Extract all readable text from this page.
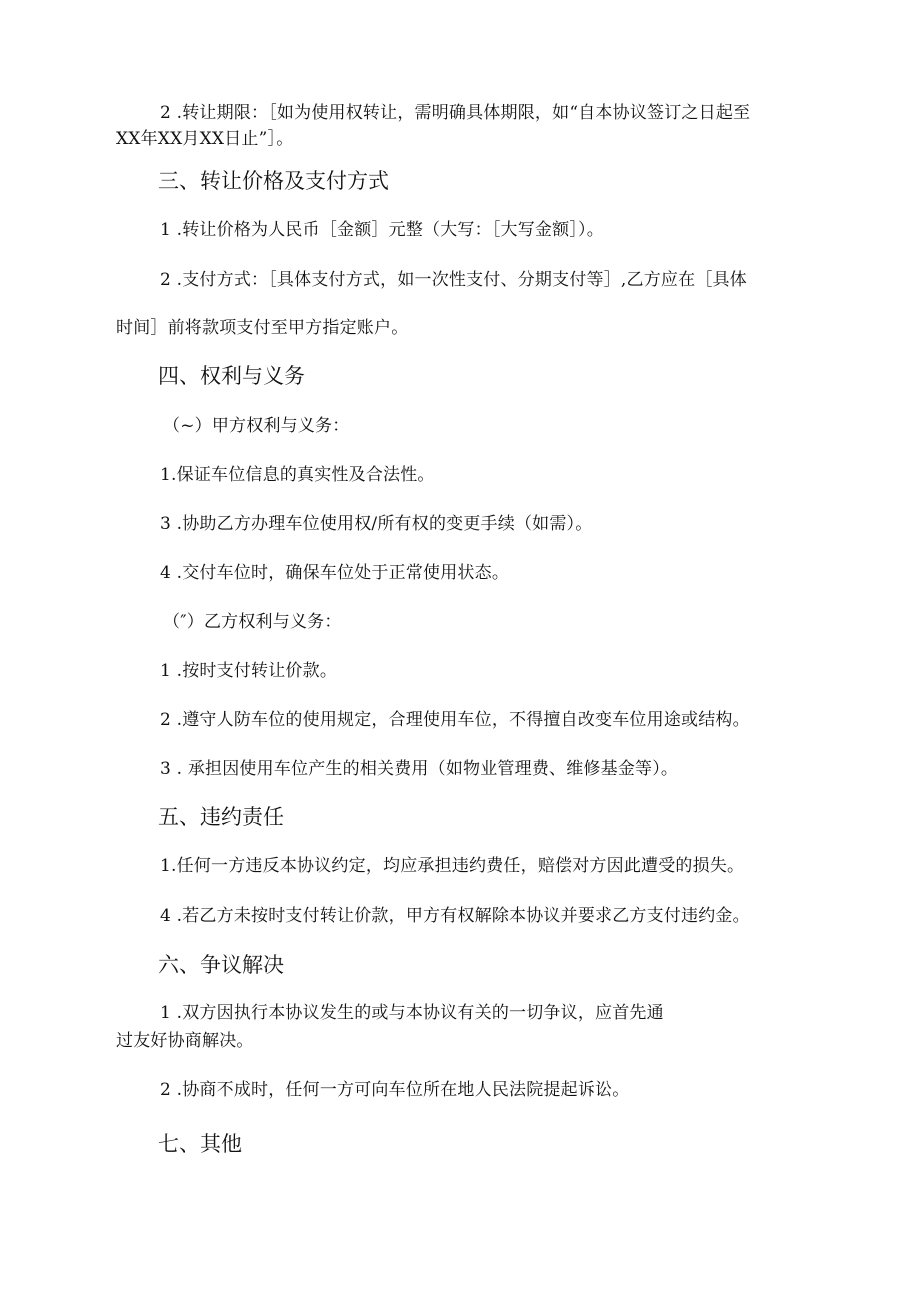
2 .转让期限：［如为使用权转让，需明确具体期限，如“自本协议签订之日起至
XX年XX月XX日止”］。
三、转让价格及支付方式
1 .转让价格为人民币［金额］元整（大写：［大写金额］）。
2 .支付方式：［具体支付方式，如一次性支付、分期支付等］,乙方应在［具体
时间］前将款项支付至甲方指定账户。
四、权利与义务
（~）甲方权利与义务：
1.保证车位信息的真实性及合法性。
3 .协助乙方办理车位使用权/所有权的变更手续（如需）。
4 .交付车位时，确保车位处于正常使用状态。
（″）乙方权利与义务：
1 .按时支付转让价款。
2 .遵守人防车位的使用规定，合理使用车位，不得擅自改变车位用途或结构。
3 . 承担因使用车位产生的相关费用（如物业管理费、维修基金等）。
五、违约责任
1.任何一方违反本协议约定，均应承担违约费任，赔偿对方因此遭受的损失。
4 .若乙方未按时支付转让价款，甲方有权解除本协议并要求乙方支付违约金。
六、争议解决
1 .双方因执行本协议发生的或与本协议有关的一切争议，应首先通
过友好协商解决。
2 .协商不成时，任何一方可向车位所在地人民法院提起诉讼。
七、其他
